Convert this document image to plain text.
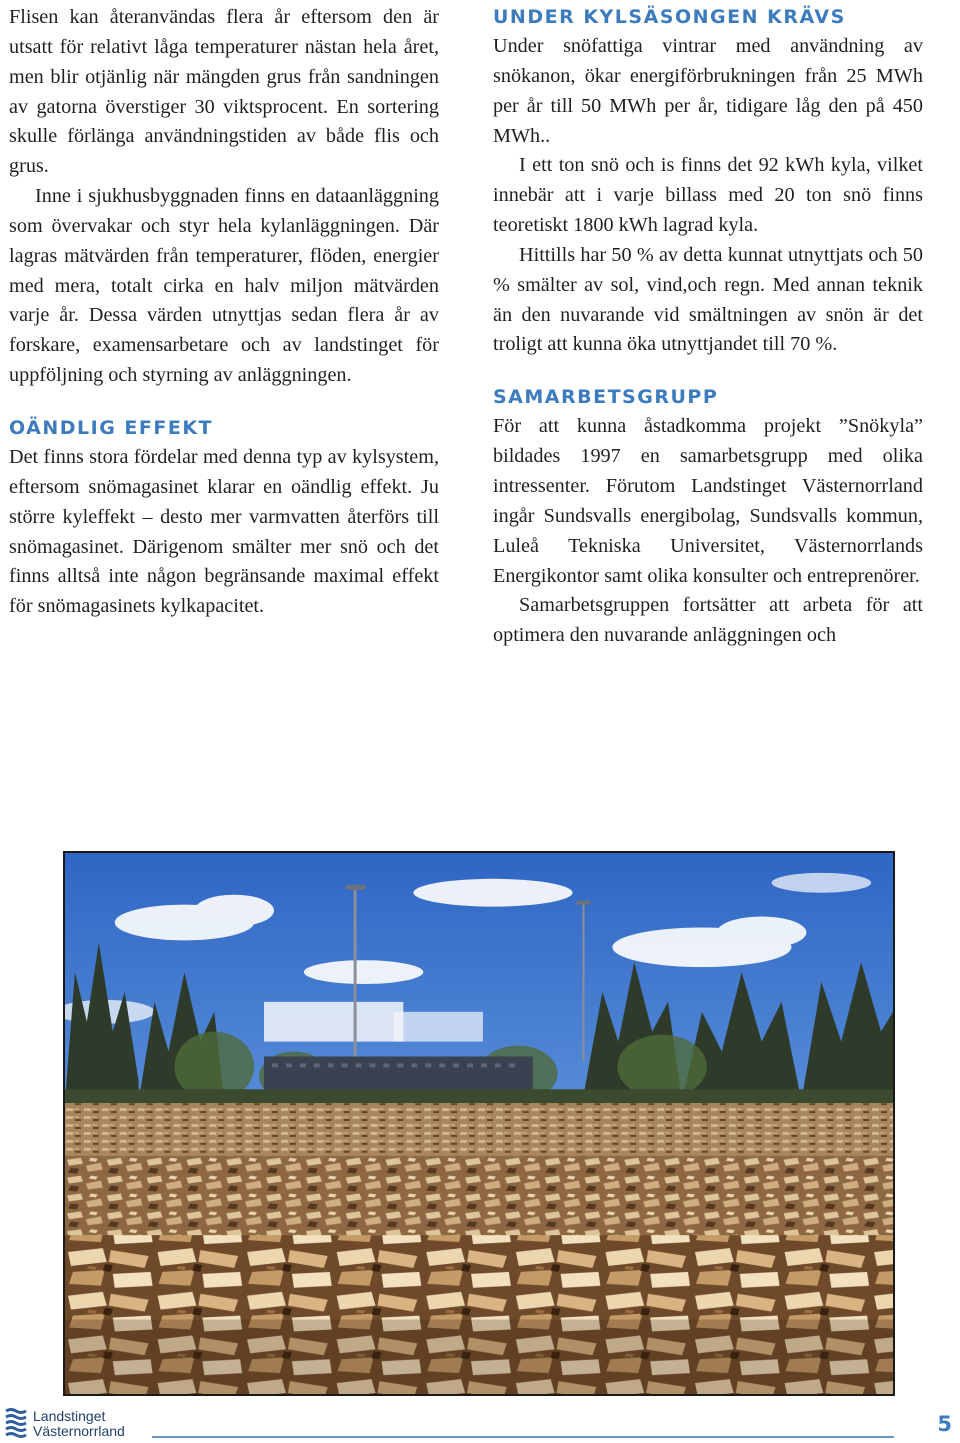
Flisen kan återanvändas flera år eftersom den är utsatt för relativt låga temperaturer nästan hela året, men blir otjänlig när mängden grus från sandningen av gatorna överstiger 30 viktsprocent. En sortering skulle förlänga användningstiden av både flis och grus.

Inne i sjukhusbyggnaden finns en dataanläggning som övervakar och styr hela kylanläggningen. Där lagras mätvärden från temperaturer, flöden, energier med mera, totalt cirka en halv miljon mätvärden varje år. Dessa värden utnyttjas sedan flera år av forskare, examensarbetare och av landstinget för uppföljning och styrning av anläggningen.

OÄNDLIG EFFEKT

Det finns stora fördelar med denna typ av kylsystem, eftersom snömagasinet klarar en oändlig effekt. Ju större kyleffekt – desto mer varmvatten återförs till snömagasinet. Därigenom smälter mer snö och det finns alltså inte någon begränsande maximal effekt för snömagasinets kylkapacitet.

UNDER KYLSÄSONGEN KRÄVS

Under snöfattiga vintrar med användning av snökanon, ökar energiförbrukningen från 25 MWh per år till 50 MWh per år, tidigare låg den på 450 MWh..

I ett ton snö och is finns det 92 kWh kyla, vilket innebär att i varje billass med 20 ton snö finns teoretiskt 1800 kWh lagrad kyla.

Hittills har 50 % av detta kunnat utnyttjats och 50 % smälter av sol, vind,och regn. Med annan teknik än den nuvarande vid smältningen av snön är det troligt att kunna öka utnyttjandet till 70 %.

SAMARBETSGRUPP

För att kunna åstadkomma projekt ”Snökyla” bildades 1997 en samarbetsgrupp med olika intressenter. Förutom Landstinget Västernorrland ingår Sundsvalls energibolag, Sundsvalls kommun, Luleå Tekniska Universitet, Västernorrlands Energikontor samt olika konsulter och entreprenörer.

Samarbetsgruppen fortsätter att arbeta för att optimera den nuvarande anläggningen och

Landstinget
Västernorrland	5
